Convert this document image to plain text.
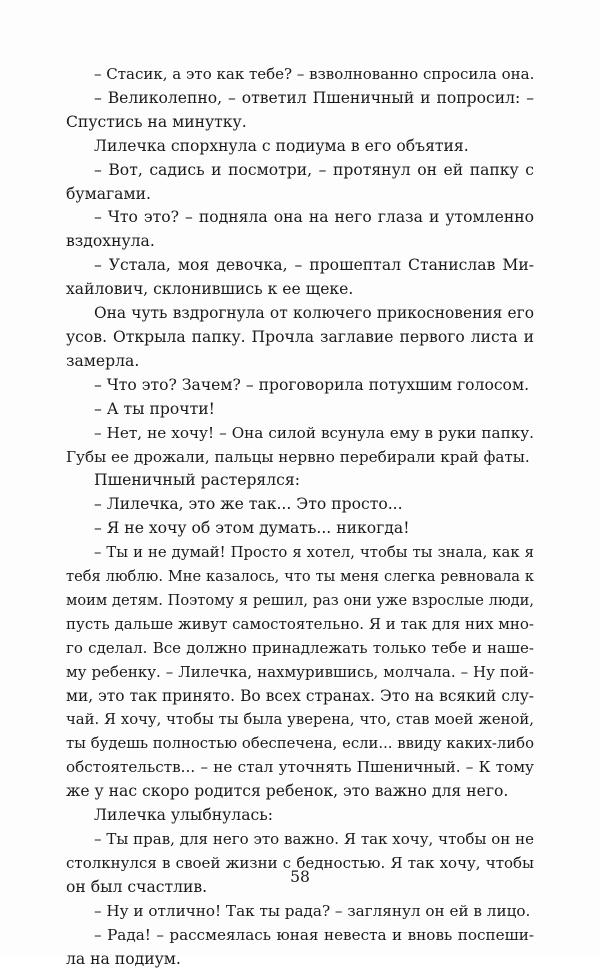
– Стасик, а это как тебе? – взволнованно спросила она.
– Великолепно, – ответил Пшеничный и попросил: –
Спустись на минутку.
Лилечка спорхнула с подиума в его объятия.
– Вот, садись и посмотри, – протянул он ей папку с
бумагами.
– Что это? – подняла она на него глаза и утомленно
вздохнула.
– Устала, моя девочка, – прошептал Станислав Ми-
хайлович, склонившись к ее щеке.
Она чуть вздрогнула от колючего прикосновения его
усов. Открыла папку. Прочла заглавие первого листа и
замерла.
– Что это? Зачем? – проговорила потухшим голосом.
– А ты прочти!
– Нет, не хочу! – Она силой всунула ему в руки папку.
Губы ее дрожали, пальцы нервно перебирали край фаты.
Пшеничный растерялся:
– Лилечка, это же так... Это просто...
– Я не хочу об этом думать... никогда!
– Ты и не думай! Просто я хотел, чтобы ты знала, как я
тебя люблю. Мне казалось, что ты меня слегка ревновала к
моим детям. Поэтому я решил, раз они уже взрослые люди,
пусть дальше живут самостоятельно. Я и так для них мно-
го сделал. Все должно принадлежать только тебе и наше-
му ребенку. – Лилечка, нахмурившись, молчала. – Ну пой-
ми, это так принято. Во всех странах. Это на всякий слу-
чай. Я хочу, чтобы ты была уверена, что, став моей женой,
ты будешь полностью обеспечена, если... ввиду каких-либо
обстоятельств... – не стал уточнять Пшеничный. – К тому
же у нас скоро родится ребенок, это важно для него.
Лилечка улыбнулась:
– Ты прав, для него это важно. Я так хочу, чтобы он не
столкнулся в своей жизни с бедностью. Я так хочу, чтобы
он был счастлив.
– Ну и отлично! Так ты рада? – заглянул он ей в лицо.
– Рада! – рассмеялась юная невеста и вновь поспеши-
ла на подиум.
58
